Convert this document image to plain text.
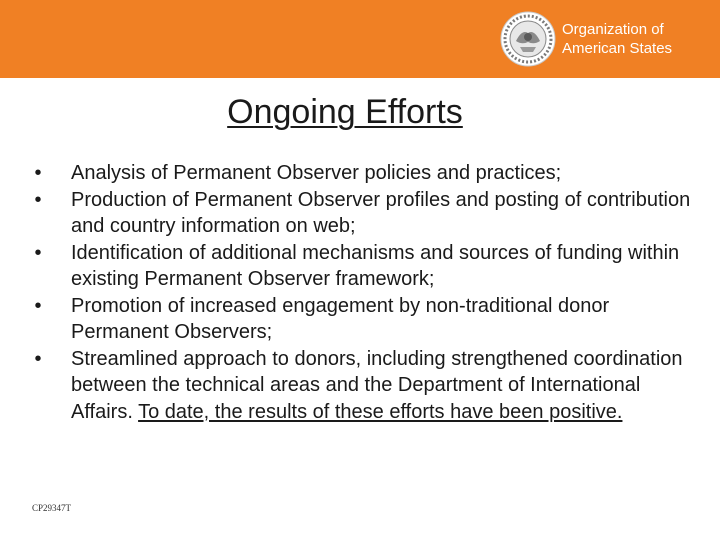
Organization of
American States
Ongoing Efforts
• Analysis of Permanent Observer policies and practices;
• Production of Permanent Observer profiles and posting of contribution and country information on web;
• Identification of additional mechanisms and sources of funding within existing Permanent Observer framework;
• Promotion of increased engagement by non-traditional donor Permanent Observers;
• Streamlined approach to donors, including strengthened coordination between the technical areas and the Department of International Affairs. To date, the results of these efforts have been positive.
CP29347T
